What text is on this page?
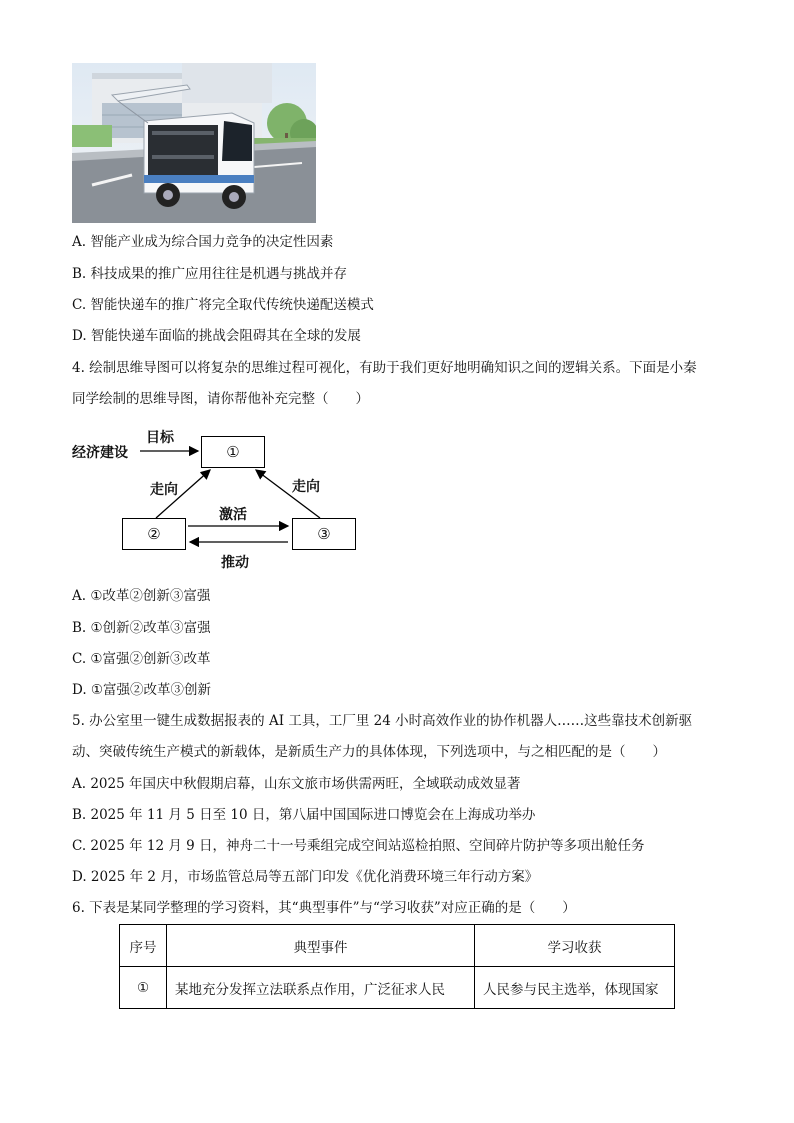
A. 智能产业成为综合国力竞争的决定性因素
B. 科技成果的推广应用往往是机遇与挑战并存
C. 智能快递车的推广将完全取代传统快递配送模式
D. 智能快递车面临的挑战会阻碍其在全球的发展
4. 绘制思维导图可以将复杂的思维过程可视化，有助于我们更好地明确知识之间的逻辑关系。下面是小秦
同学绘制的思维导图，请你帮他补充完整（　　）
经济建设
目标
走向	走向
激活
推动
①
②	③
A. ①改革②创新③富强
B. ①创新②改革③富强
C. ①富强②创新③改革
D. ①富强②改革③创新
5. 办公室里一键生成数据报表的 AI 工具，工厂里 24 小时高效作业的协作机器人……这些靠技术创新驱
动、突破传统生产模式的新载体，是新质生产力的具体体现，下列选项中，与之相匹配的是（　　）
A. 2025 年国庆中秋假期启幕，山东文旅市场供需两旺，全域联动成效显著
B. 2025 年 11 月 5 日至 10 日，第八届中国国际进口博览会在上海成功举办
C. 2025 年 12 月 9 日，神舟二十一号乘组完成空间站巡检拍照、空间碎片防护等多项出舱任务
D. 2025 年 2 月，市场监管总局等五部门印发《优化消费环境三年行动方案》
6. 下表是某同学整理的学习资料，其“典型事件”与“学习收获”对应正确的是（　　）
序号	典型事件	学习收获
①	某地充分发挥立法联系点作用，广泛征求人民	人民参与民主选举，体现国家
